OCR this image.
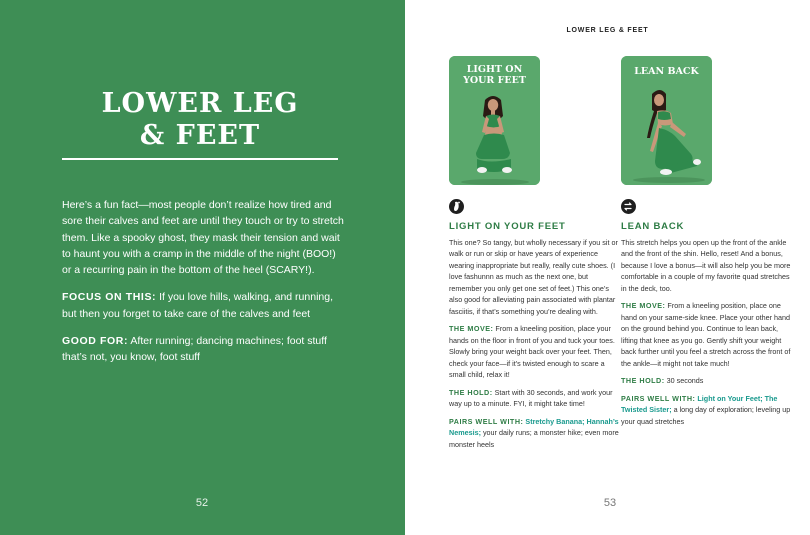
LOWER LEG
& FEET

Here’s a fun fact—most people don’t realize how tired and sore their calves and feet are until they touch or try to stretch them. Like a spooky ghost, they mask their tension and wait to haunt you with a cramp in the middle of the night (BOO!) or a recurring pain in the bottom of the heel (SCARY!).

FOCUS ON THIS: If you love hills, walking, and running, but then you forget to take care of the calves and feet

GOOD FOR: After running; dancing machines; foot stuff that’s not, you know, foot stuff

52
LOWER LEG & FEET
LIGHT ON
YOUR FEET
LEAN BACK
LIGHT ON YOUR FEET

This one? So tangy, but wholly necessary if you sit or walk or run or skip or have years of experience wearing inappropriate but really, really cute shoes. (I love fashunnn as much as the next one, but remember you only get one set of feet.) This one’s also good for alleviating pain associated with plantar fasciitis, if that’s something you’re dealing with.

THE MOVE: From a kneeling position, place your hands on the floor in front of you and tuck your toes. Slowly bring your weight back over your feet. Then, check your face—if it’s twisted enough to scare a small child, relax it!

THE HOLD: Start with 30 seconds, and work your way up to a minute. FYI, it might take time!

PAIRS WELL WITH: Stretchy Banana; Hannah’s Nemesis; your daily runs; a monster hike; even more monster heels

LEAN BACK

This stretch helps you open up the front of the ankle and the front of the shin. Hello, reset! And a bonus, because I love a bonus—it will also help you be more comfortable in a couple of my favorite quad stretches in the deck, too.

THE MOVE: From a kneeling position, place one hand on your same-side knee. Place your other hand on the ground behind you. Continue to lean back, lifting that knee as you go. Gently shift your weight back further until you feel a stretch across the front of the ankle—it might not take much!

THE HOLD: 30 seconds

PAIRS WELL WITH: Light on Your Feet; The Twisted Sister; a long day of exploration; leveling up your quad stretches

53
